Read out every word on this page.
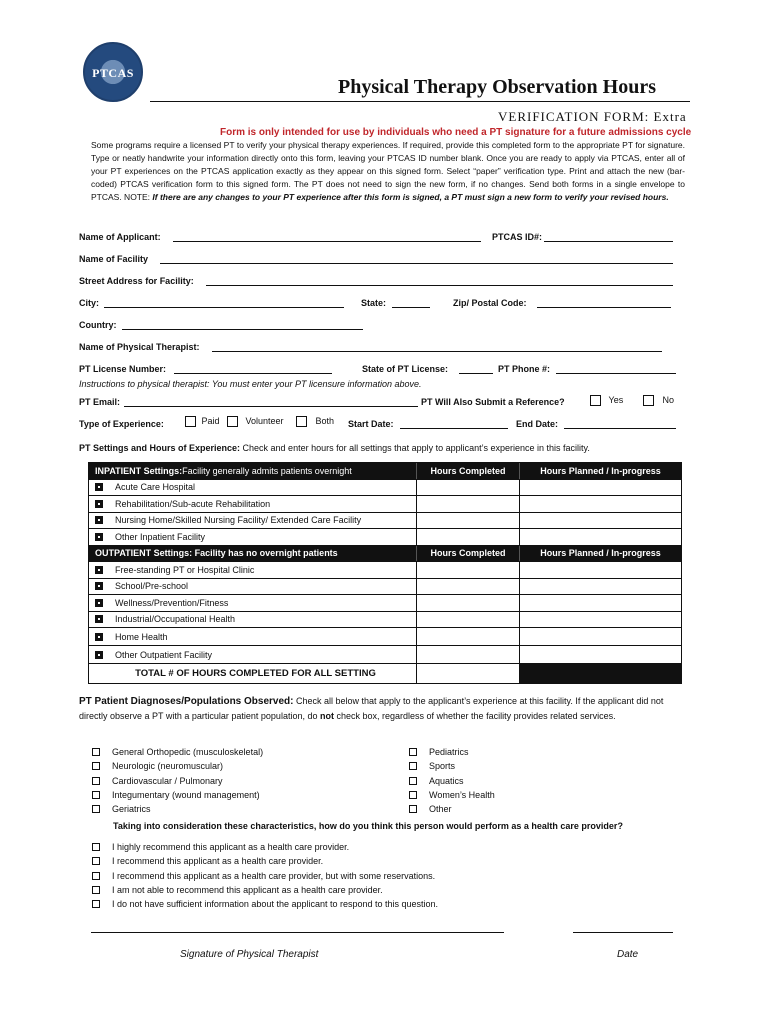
PTCAS
Physical Therapy Observation Hours
VERIFICATION FORM: Extra
Form is only intended for use by individuals who need a PT signature for a future admissions cycle
Some programs require a licensed PT to verify your physical therapy experiences. If required, provide this completed form to the appropriate PT for signature. Type or neatly handwrite your information directly onto this form, leaving your PTCAS ID number blank. Once you are ready to apply via PTCAS, enter all of your PT experiences on the PTCAS application exactly as they appear on this signed form. Select “paper” verification type. Print and attach the new (bar-coded) PTCAS verification form to this signed form. The PT does not need to sign the new form, if no changes. Send both forms in a single envelope to PTCAS. NOTE: If there are any changes to your PT experience after this form is signed, a PT must sign a new form to verify your revised hours.
Name of Applicant:	PTCAS ID#:
Name of Facility
Street Address for Facility:
City:	State:	Zip/ Postal Code:
Country:
Name of Physical Therapist:
PT License Number:	State of PT License:	PT Phone #:
Instructions to physical therapist: You must enter your PT licensure information above.
PT Email:	PT Will Also Submit a Reference?	Yes	No
Type of Experience:	Paid	Volunteer	Both Start Date:	End Date:
PT Settings and Hours of Experience: Check and enter hours for all settings that apply to applicant’s experience in this facility.
INPATIENT Settings: Facility generally admits patients overnight	Hours Completed	Hours Planned / In-progress
Acute Care Hospital
Rehabilitation/Sub-acute Rehabilitation
Nursing Home/Skilled Nursing Facility/ Extended Care Facility
Other Inpatient Facility
OUTPATIENT Settings: Facility has no overnight patients	Hours Completed	Hours Planned / In-progress
Free-standing PT or Hospital Clinic
School/Pre-school
Wellness/Prevention/Fitness
Industrial/Occupational Health
Home Health
Other Outpatient Facility
TOTAL # OF HOURS COMPLETED FOR ALL SETTING
PT Patient Diagnoses/Populations Observed: Check all below that apply to the applicant’s experience at this facility. If the applicant did not directly observe a PT with a particular patient population, do not check box, regardless of whether the facility provides related services.
General Orthopedic (musculoskeletal)
Neurologic (neuromuscular)
Cardiovascular / Pulmonary
Integumentary (wound management)
Geriatrics
Pediatrics
Sports
Aquatics
Women’s Health
Other
Taking into consideration these characteristics, how do you think this person would perform as a health care provider?
I highly recommend this applicant as a health care provider.
I recommend this applicant as a health care provider.
I recommend this applicant as a health care provider, but with some reservations.
I am not able to recommend this applicant as a health care provider.
I do not have sufficient information about the applicant to respond to this question.
Signature of Physical Therapist	Date
